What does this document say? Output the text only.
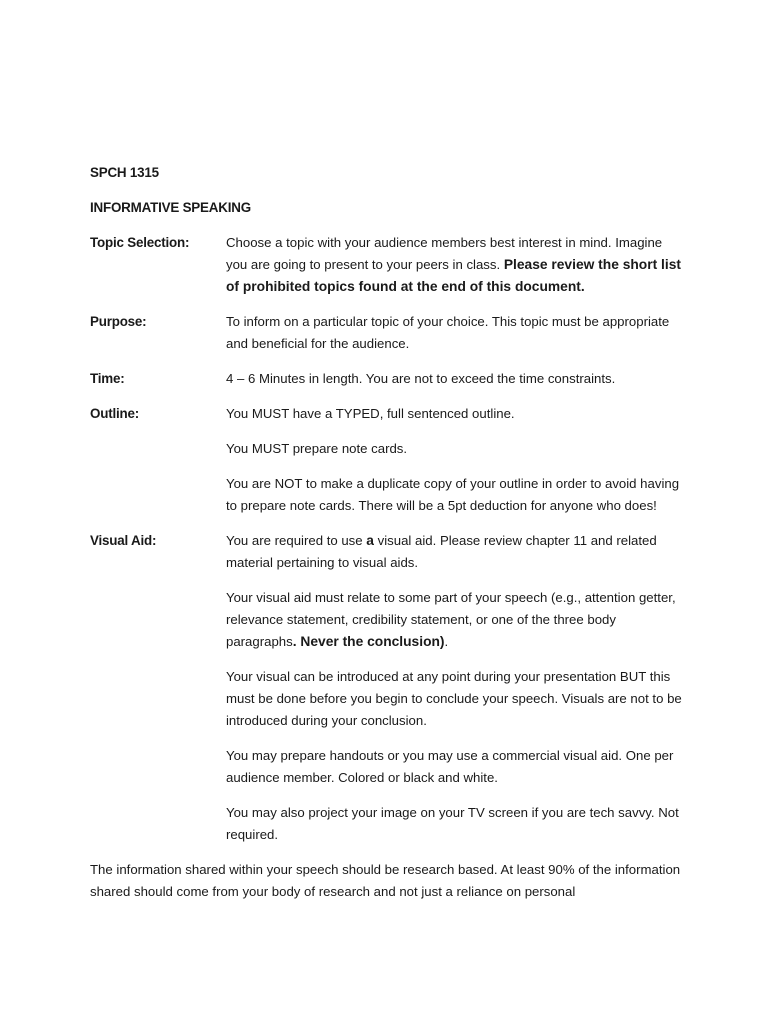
SPCH 1315
INFORMATIVE SPEAKING
Topic Selection:	Choose a topic with your audience members best interest in mind. Imagine you are going to present to your peers in class. Please review the short list of prohibited topics found at the end of this document.

Purpose:	To inform on a particular topic of your choice. This topic must be appropriate and beneficial for the audience.

Time:	4 – 6 Minutes in length. You are not to exceed the time constraints.

Outline:	You MUST have a TYPED, full sentenced outline.

You MUST prepare note cards.

You are NOT to make a duplicate copy of your outline in order to avoid having to prepare note cards. There will be a 5pt deduction for anyone who does!

Visual Aid:	You are required to use a visual aid. Please review chapter 11 and related material pertaining to visual aids.

Your visual aid must relate to some part of your speech (e.g., attention getter, relevance statement, credibility statement, or one of the three body paragraphs. Never the conclusion).

Your visual can be introduced at any point during your presentation BUT this must be done before you begin to conclude your speech. Visuals are not to be introduced during your conclusion.

You may prepare handouts or you may use a commercial visual aid. One per audience member. Colored or black and white.

You may also project your image on your TV screen if you are tech savvy. Not required.

The information shared within your speech should be research based. At least 90% of the information shared should come from your body of research and not just a reliance on personal
